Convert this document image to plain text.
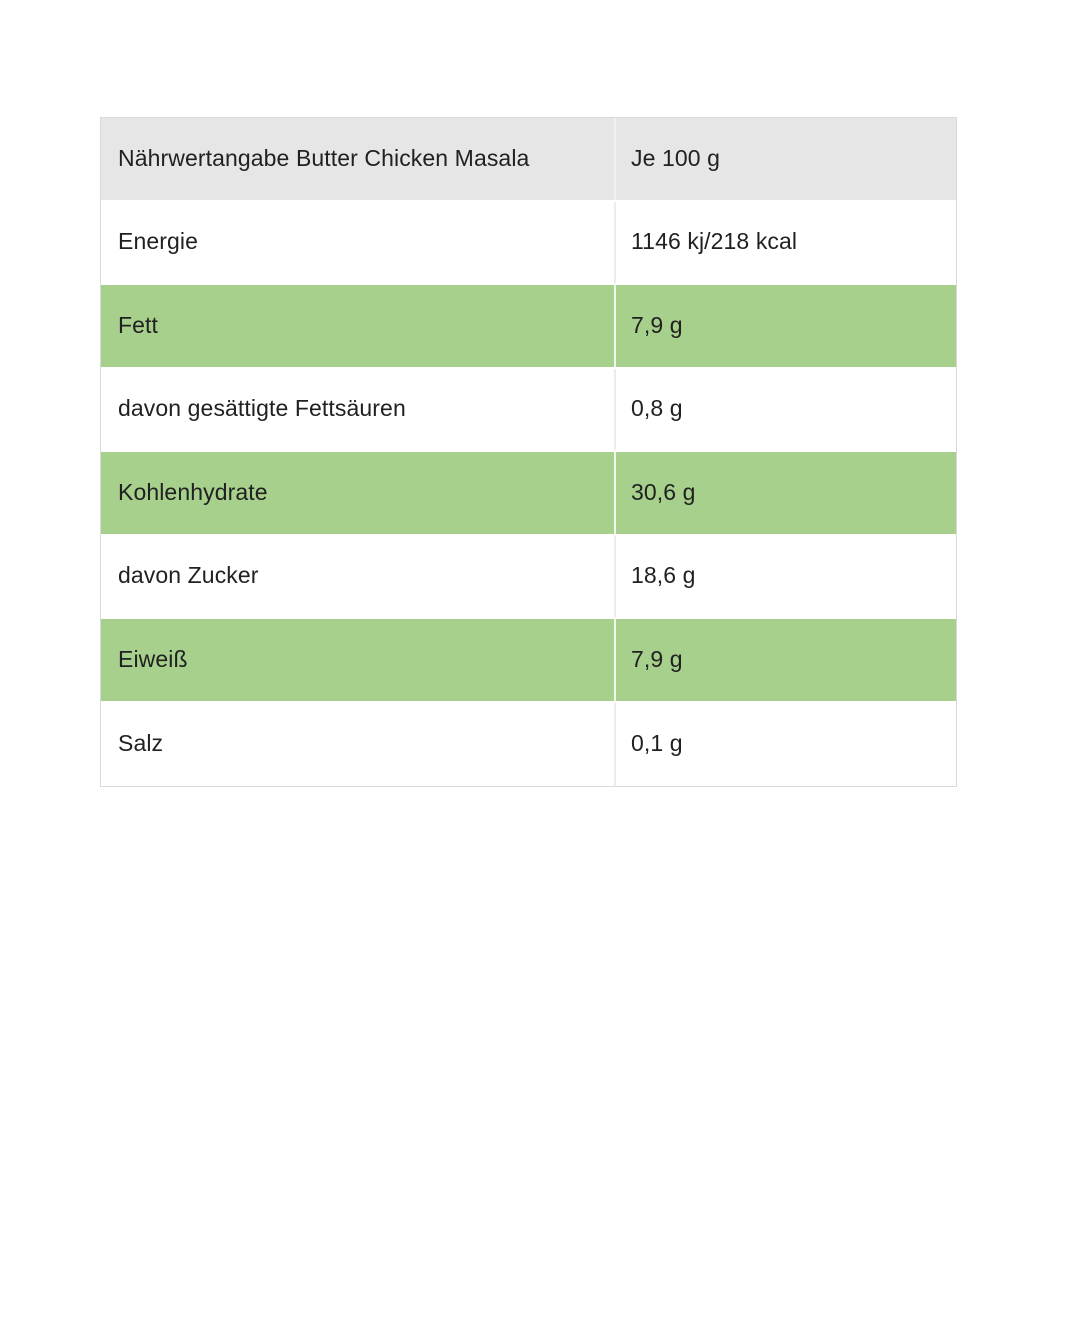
Nährwertangabe Butter Chicken Masala	Je 100 g
Energie	1146 kj/218 kcal
Fett	7,9 g
davon gesättigte Fettsäuren	0,8 g
Kohlenhydrate	30,6 g
davon Zucker	18,6 g
Eiweiß	7,9 g
Salz	0,1 g
